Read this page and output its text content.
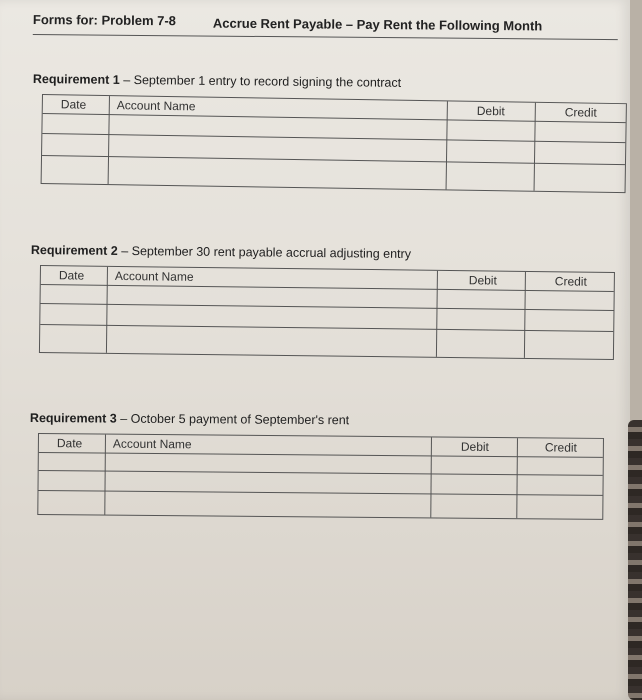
Forms for: Problem 7-8	Accrue Rent Payable – Pay Rent the Following Month
Requirement 1 – September 1 entry to record signing the contract
Date	Account Name	Debit	Credit
Requirement 2 – September 30 rent payable accrual adjusting entry
Date	Account Name	Debit	Credit
Requirement 3 – October 5 payment of September's rent
Date	Account Name	Debit	Credit
